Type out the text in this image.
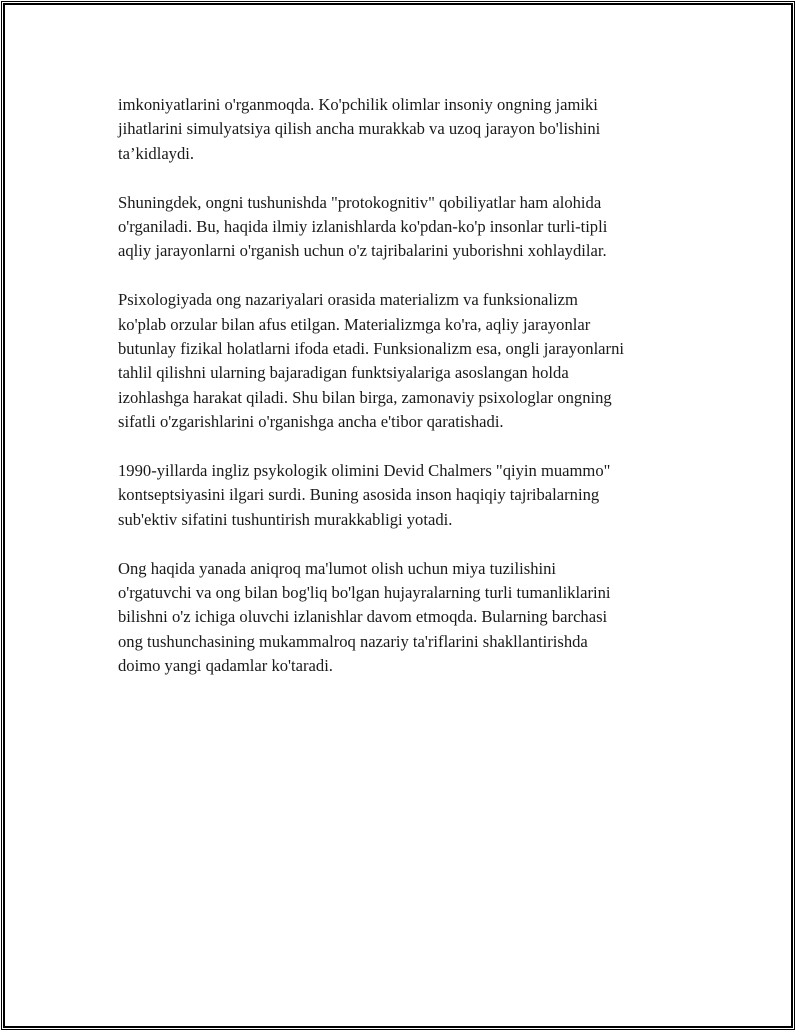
imkoniyatlarini o'rganmoqda. Ko'pchilik olimlar insoniy ongning jamiki
jihatlarini simulyatsiya qilish ancha murakkab va uzoq jarayon bo'lishini
ta’kidlaydi.

Shuningdek, ongni tushunishda "protokognitiv" qobiliyatlar ham alohida
o'rganiladi. Bu, haqida ilmiy izlanishlarda ko'pdan-ko'p insonlar turli-tipli
aqliy jarayonlarni o'rganish uchun o'z tajribalarini yuborishni xohlaydilar.

Psixologiyada ong nazariyalari orasida materializm va funksionalizm
ko'plab orzular bilan afus etilgan. Materializmga ko'ra, aqliy jarayonlar
butunlay fizikal holatlarni ifoda etadi. Funksionalizm esa, ongli jarayonlarni
tahlil qilishni ularning bajaradigan funktsiyalariga asoslangan holda
izohlashga harakat qiladi. Shu bilan birga, zamonaviy psixologlar ongning
sifatli o'zgarishlarini o'rganishga ancha e'tibor qaratishadi.

1990-yillarda ingliz psykologik olimini Devid Chalmers "qiyin muammo"
kontseptsiyasini ilgari surdi. Buning asosida inson haqiqiy tajribalarning
sub'ektiv sifatini tushuntirish murakkabligi yotadi.

Ong haqida yanada aniqroq ma'lumot olish uchun miya tuzilishini
o'rgatuvchi va ong bilan bog'liq bo'lgan hujayralarning turli tumanliklarini
bilishni o'z ichiga oluvchi izlanishlar davom etmoqda. Bularning barchasi
ong tushunchasining mukammalroq nazariy ta'riflarini shakllantirishda
doimo yangi qadamlar ko'taradi.
